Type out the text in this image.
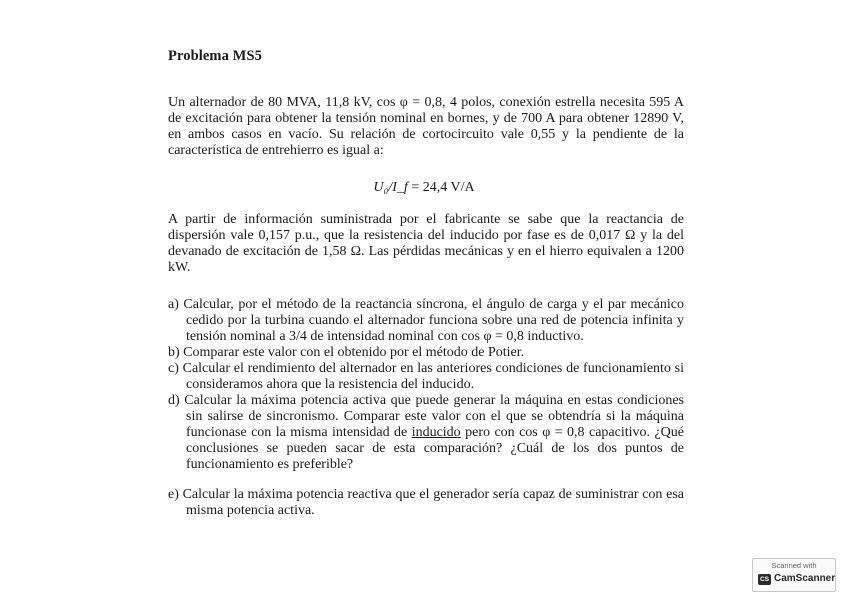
Problema MS5

Un alternador de 80 MVA, 11,8 kV, cos φ = 0,8, 4 polos, conexión estrella necesita 595 A de excitación para obtener la tensión nominal en bornes, y de 700 A para obtener 12890 V, en ambos casos en vacío. Su relación de cortocircuito vale 0,55 y la pendiente de la característica de entrehierro es igual a:

U₀/I_f = 24,4 V/A

A partir de información suministrada por el fabricante se sabe que la reactancia de dispersión vale 0,157 p.u., que la resistencia del inducido por fase es de 0,017 Ω y la del devanado de excitación de 1,58 Ω. Las pérdidas mecánicas y en el hierro equivalen a 1200 kW.

a) Calcular, por el método de la reactancia síncrona, el ángulo de carga y el par mecánico cedido por la turbina cuando el alternador funciona sobre una red de potencia infinita y tensión nominal a 3/4 de intensidad nominal con cos φ = 0,8 inductivo.

b) Comparar este valor con el obtenido por el método de Potier.

c) Calcular el rendimiento del alternador en las anteriores condiciones de funcionamiento si consideramos ahora que la resistencia del inducido.

d) Calcular la máxima potencia activa que puede generar la máquina en estas condiciones sin salirse de sincronismo. Comparar este valor con el que se obtendría si la máquina funcionase con la misma intensidad de inducido pero con cos φ = 0,8 capacitivo. ¿Qué conclusiones se pueden sacar de esta comparación? ¿Cuál de los dos puntos de funcionamiento es preferible?

e) Calcular la máxima potencia reactiva que el generador sería capaz de suministrar con esa misma potencia activa.

Scanned with
CS CamScanner
